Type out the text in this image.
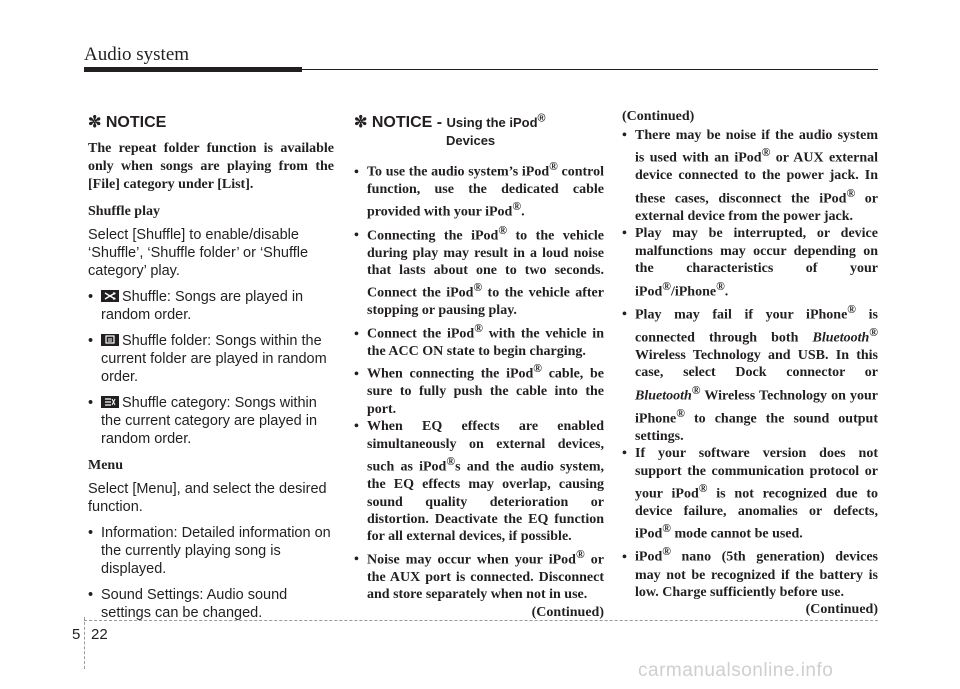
Audio system
✼ NOTICE

The repeat folder function is available only when songs are playing from the [File] category under [List].

Shuffle play

Select [Shuffle] to enable/disable ‘Shuffle’, ‘Shuffle folder’ or ‘Shuffle category’ play.

• Shuffle: Songs are played in random order.
• Shuffle folder: Songs within the current folder are played in random order.
• Shuffle category: Songs within the current category are played in random order.
Menu

Select [Menu], and select the desired function.

• Information: Detailed information on the currently playing song is displayed.
• Sound Settings: Audio sound settings can be changed.
✼ NOTICE - Using the iPod®
Devices
• To use the audio system’s iPod® control function, use the dedicated cable provided with your iPod®.
• Connecting the iPod® to the vehicle during play may result in a loud noise that lasts about one to two seconds. Connect the iPod® to the vehicle after stopping or pausing play.
• Connect the iPod® with the vehicle in the ACC ON state to begin charging.
• When connecting the iPod® cable, be sure to fully push the cable into the port.
• When EQ effects are enabled simultaneously on external devices, such as iPod®s and the audio system, the EQ effects may overlap, causing sound quality deterioration or distortion. Deactivate the EQ function for all external devices, if possible.
• Noise may occur when your iPod® or the AUX port is connected. Disconnect and store separately when not in use.
(Continued)
(Continued)
• There may be noise if the audio system is used with an iPod® or AUX external device connected to the power jack. In these cases, disconnect the iPod® or external device from the power jack.
• Play may be interrupted, or device malfunctions may occur depending on the characteristics of your iPod®/iPhone®.
• Play may fail if your iPhone® is connected through both Bluetooth® Wireless Technology and USB. In this case, select Dock connector or Bluetooth® Wireless Technology on your iPhone® to change the sound output settings.
• If your software version does not support the communication protocol or your iPod® is not recognized due to device failure, anomalies or defects, iPod® mode cannot be used.
• iPod® nano (5th generation) devices may not be recognized if the battery is low. Charge sufficiently before use.
(Continued)
5 22
carmanualsonline.info
